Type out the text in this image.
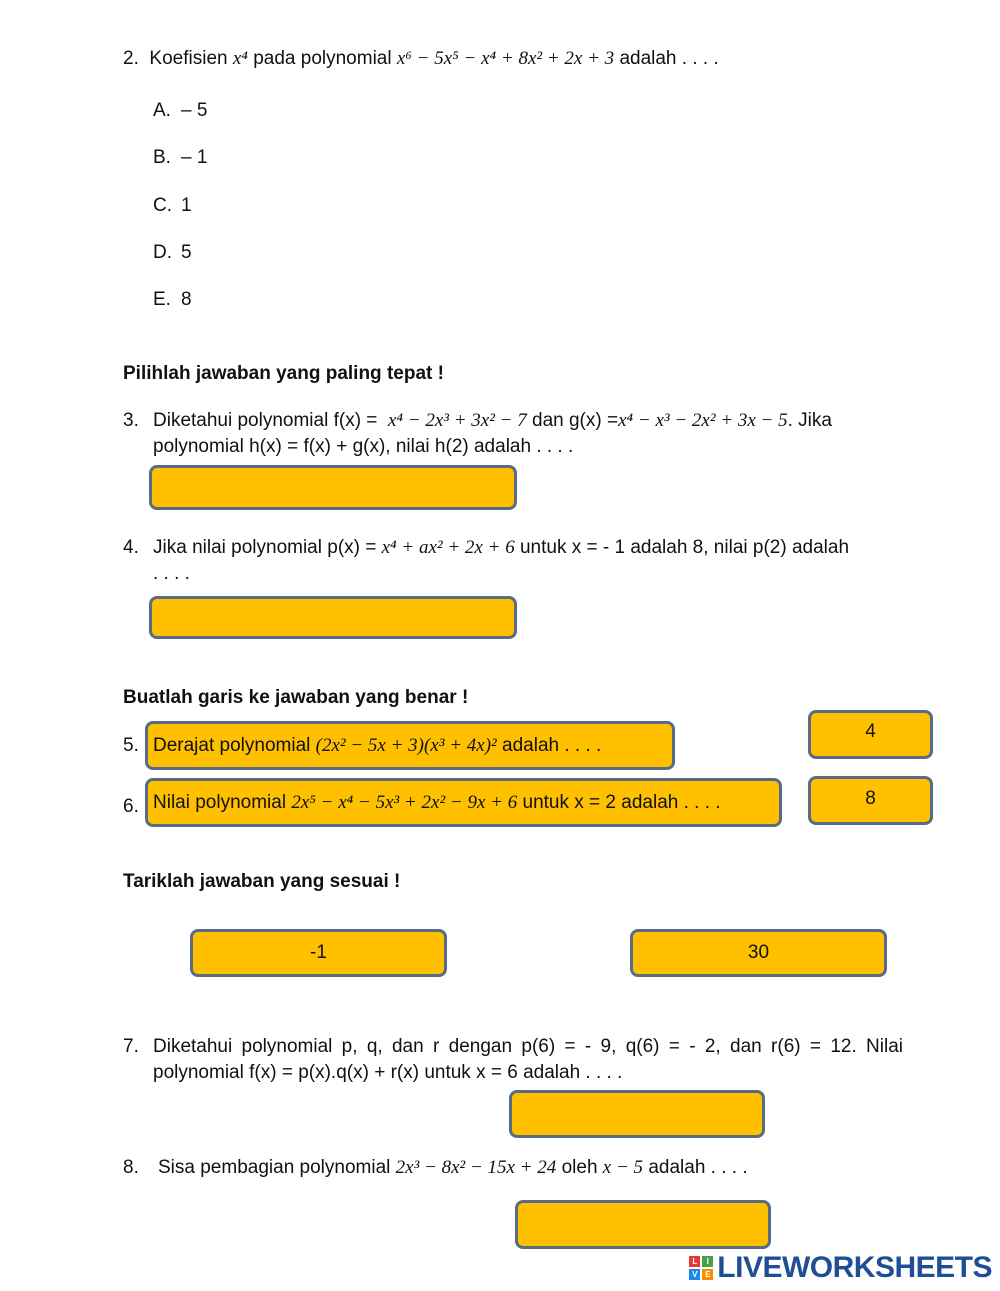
2. Koefisien x⁴ pada polynomial x⁶ − 5x⁵ − x⁴ + 8x² + 2x + 3 adalah . . . .
A. – 5
B. – 1
C. 1
D. 5
E. 8
Pilihlah jawaban yang paling tepat !
3. Diketahui polynomial f(x) = x⁴ − 2x³ + 3x² − 7 dan g(x) =x⁴ − x³ − 2x² + 3x − 5. Jika
polynomial h(x) = f(x) + g(x), nilai h(2) adalah . . . .
4. Jika nilai polynomial p(x) = x⁴ + ax² + 2x + 6 untuk x = - 1 adalah 8, nilai p(2) adalah
. . . .
Buatlah garis ke jawaban yang benar !
5. Derajat polynomial
(2x² − 5x + 3)(x³ + 4x)²
adalah . . . .
6. Nilai polynomial
2x⁵ − x⁴ − 5x³ + 2x² − 9x + 6
untuk x = 2 adalah . . . .
4
8
Tariklah jawaban yang sesuai !
-1	30
7. Diketahui polynomial p, q, dan r dengan p(6) = - 9, q(6) = - 2, dan r(6) = 12. Nilai
polynomial f(x) = p(x).q(x) + r(x) untuk x = 6 adalah . . . .
8. Sisa pembagian polynomial 2x³ − 8x² − 15x + 24 oleh x − 5 adalah . . . .
L	I
V E LIVEWORKSHEETS
